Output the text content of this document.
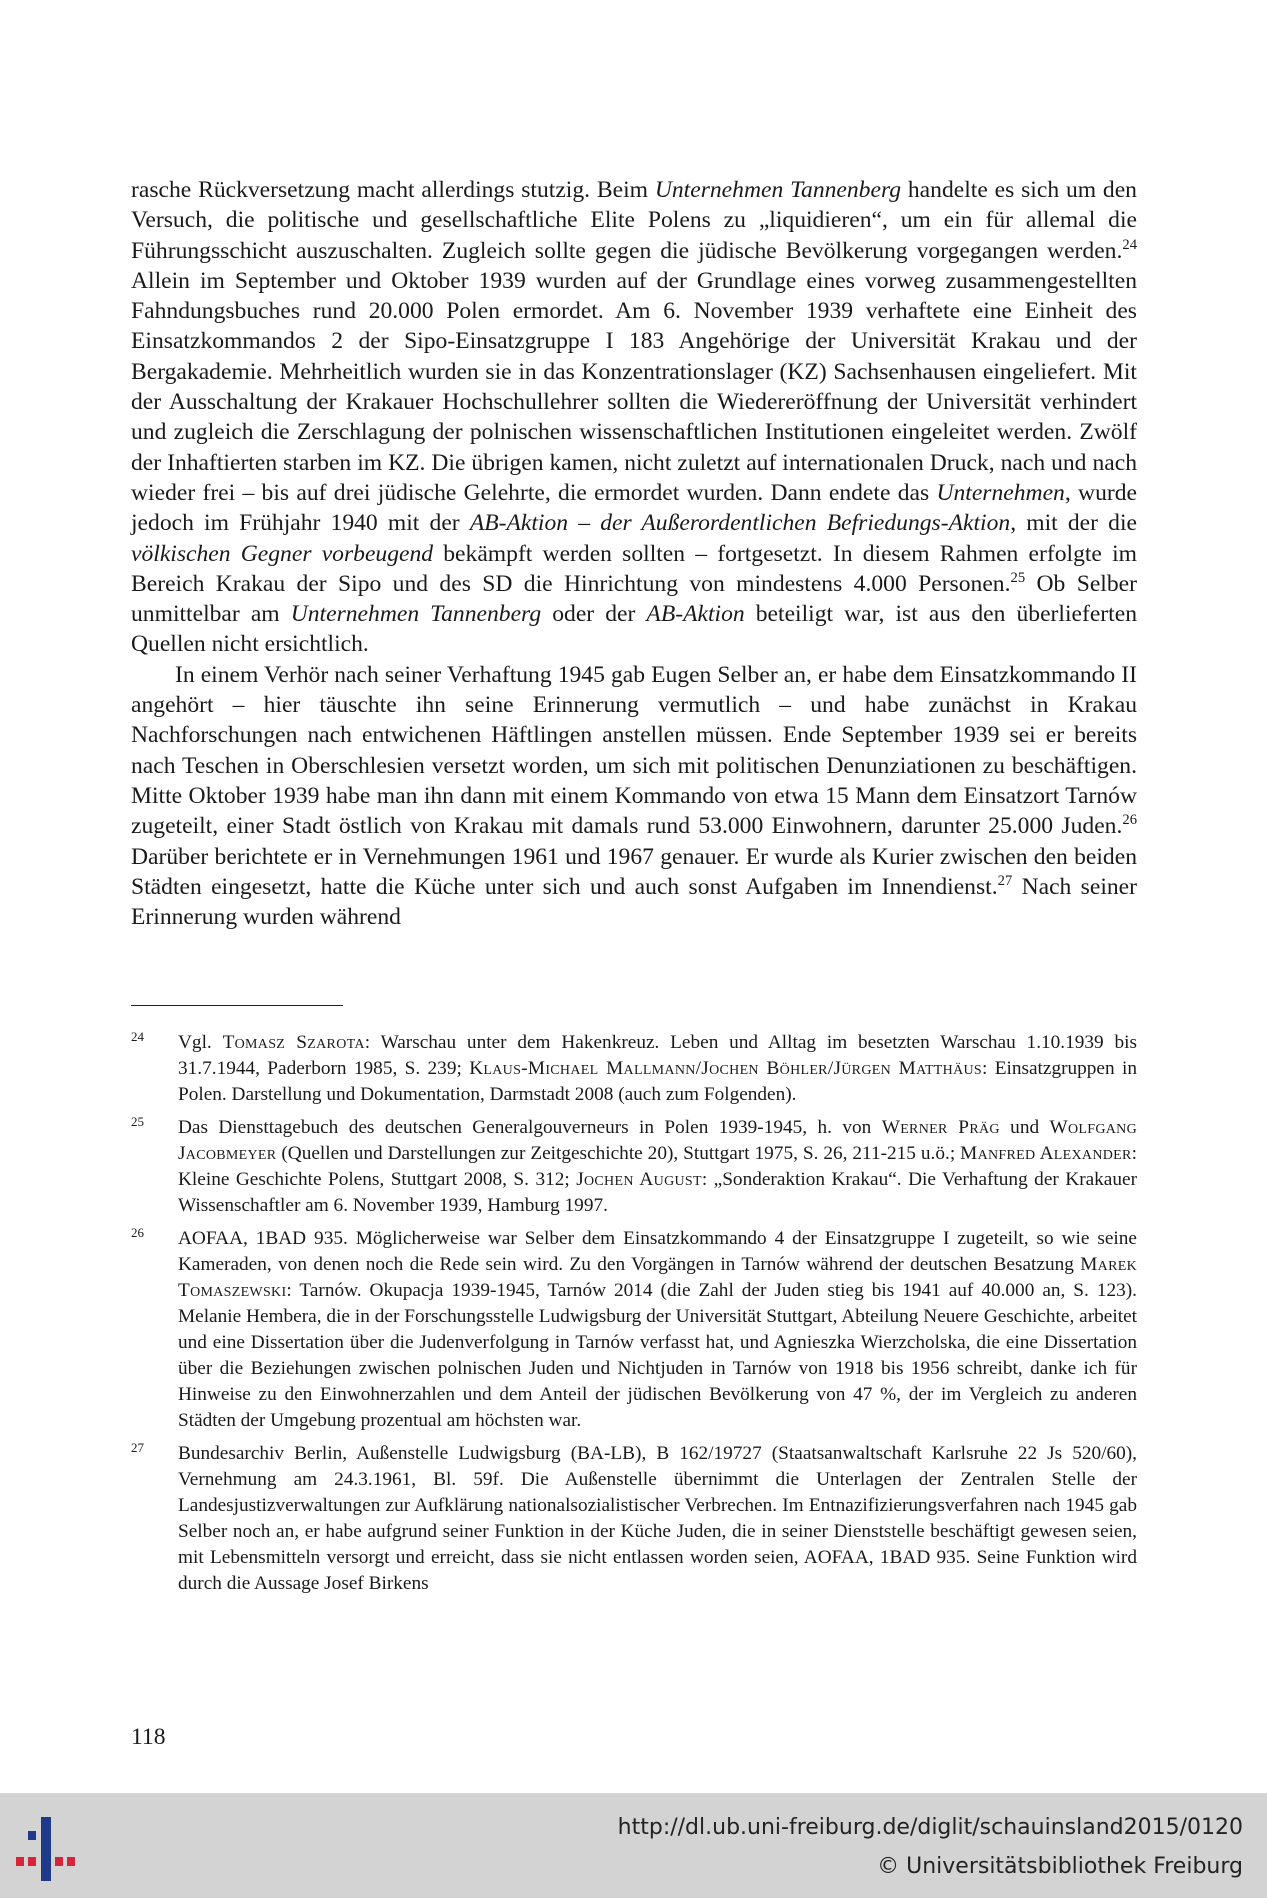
rasche Rückversetzung macht allerdings stutzig. Beim Unternehmen Tannenberg handelte es sich um den Versuch, die politische und gesellschaftliche Elite Polens zu „liquidieren“, um ein für allemal die Führungsschicht auszuschalten. Zugleich sollte gegen die jüdische Bevölkerung vorgegangen werden.$^{24}$ Allein im September und Oktober 1939 wurden auf der Grundlage eines vorweg zusammengestellten Fahndungsbuches rund 20.000 Polen ermordet. Am 6. November 1939 verhaftete eine Einheit des Einsatzkommandos 2 der Sipo-Einsatzgruppe I 183 Angehörige der Universität Krakau und der Bergakademie. Mehrheitlich wurden sie in das Konzentrationslager (KZ) Sachsenhausen eingeliefert. Mit der Ausschaltung der Krakauer Hochschullehrer sollten die Wiedereröffnung der Universität verhindert und zugleich die Zerschlagung der polnischen wissenschaftlichen Institutionen eingeleitet werden. Zwölf der Inhaftierten starben im KZ. Die übrigen kamen, nicht zuletzt auf internationalen Druck, nach und nach wieder frei – bis auf drei jüdische Gelehrte, die ermordet wurden. Dann endete das Unternehmen, wurde jedoch im Frühjahr 1940 mit der AB-Aktion – der Außerordentlichen Befriedungs-Aktion, mit der die völkischen Gegner vorbeugend bekämpft werden sollten – fortgesetzt. In diesem Rahmen erfolgte im Bereich Krakau der Sipo und des SD die Hinrichtung von mindestens 4.000 Personen.$^{25}$ Ob Selber unmittelbar am Unternehmen Tannenberg oder der AB-Aktion beteiligt war, ist aus den überlieferten Quellen nicht ersichtlich.

In einem Verhör nach seiner Verhaftung 1945 gab Eugen Selber an, er habe dem Einsatzkommando II angehört – hier täuschte ihn seine Erinnerung vermutlich – und habe zunächst in Krakau Nachforschungen nach entwichenen Häftlingen anstellen müssen. Ende September 1939 sei er bereits nach Teschen in Oberschlesien versetzt worden, um sich mit politischen Denunziationen zu beschäftigen. Mitte Oktober 1939 habe man ihn dann mit einem Kommando von etwa 15 Mann dem Einsatzort Tarnów zugeteilt, einer Stadt östlich von Krakau mit damals rund 53.000 Einwohnern, darunter 25.000 Juden.$^{26}$ Darüber berichtete er in Vernehmungen 1961 und 1967 genauer. Er wurde als Kurier zwischen den beiden Städten eingesetzt, hatte die Küche unter sich und auch sonst Aufgaben im Innendienst.$^{27}$ Nach seiner Erinnerung wurden während

24 Vgl. Tomasz Szarota: Warschau unter dem Hakenkreuz. Leben und Alltag im besetzten Warschau 1.10.1939 bis 31.7.1944, Paderborn 1985, S. 239; Klaus-Michael Mallmann/Jochen Böhler/Jürgen Matthäus: Einsatzgruppen in Polen. Darstellung und Dokumentation, Darmstadt 2008 (auch zum Folgenden).
25 Das Diensttagebuch des deutschen Generalgouverneurs in Polen 1939-1945, h. von Werner Präg und Wolfgang Jacobmeyer (Quellen und Darstellungen zur Zeitgeschichte 20), Stuttgart 1975, S. 26, 211-215 u.ö.; Manfred Alexander: Kleine Geschichte Polens, Stuttgart 2008, S. 312; Jochen August: „Sonderaktion Krakau“. Die Verhaftung der Krakauer Wissenschaftler am 6. November 1939, Hamburg 1997.
26 AOFAA, 1BAD 935. Möglicherweise war Selber dem Einsatzkommando 4 der Einsatzgruppe I zugeteilt, so wie seine Kameraden, von denen noch die Rede sein wird. Zu den Vorgängen in Tarnów während der deutschen Besatzung Marek Tomaszewski: Tarnów. Okupacja 1939-1945, Tarnów 2014 (die Zahl der Juden stieg bis 1941 auf 40.000 an, S. 123). Melanie Hembera, die in der Forschungsstelle Ludwigsburg der Universität Stuttgart, Abteilung Neuere Geschichte, arbeitet und eine Dissertation über die Judenverfolgung in Tarnów verfasst hat, und Agnieszka Wierzcholska, die eine Dissertation über die Beziehungen zwischen polnischen Juden und Nichtjuden in Tarnów von 1918 bis 1956 schreibt, danke ich für Hinweise zu den Einwohnerzahlen und dem Anteil der jüdischen Bevölkerung von 47 %, der im Vergleich zu anderen Städten der Umgebung prozentual am höchsten war.
27 Bundesarchiv Berlin, Außenstelle Ludwigsburg (BA-LB), B 162/19727 (Staatsanwaltschaft Karlsruhe 22 Js 520/60), Vernehmung am 24.3.1961, Bl. 59f. Die Außenstelle übernimmt die Unterlagen der Zentralen Stelle der Landesjustizverwaltungen zur Aufklärung nationalsozialistischer Verbrechen. Im Entnazifizierungsverfahren nach 1945 gab Selber noch an, er habe aufgrund seiner Funktion in der Küche Juden, die in seiner Dienststelle beschäftigt gewesen seien, mit Lebensmitteln versorgt und erreicht, dass sie nicht entlassen worden seien, AOFAA, 1BAD 935. Seine Funktion wird durch die Aussage Josef Birkens
118
http://dl.ub.uni-freiburg.de/diglit/schauinsland2015/0120
© Universitätsbibliothek Freiburg
